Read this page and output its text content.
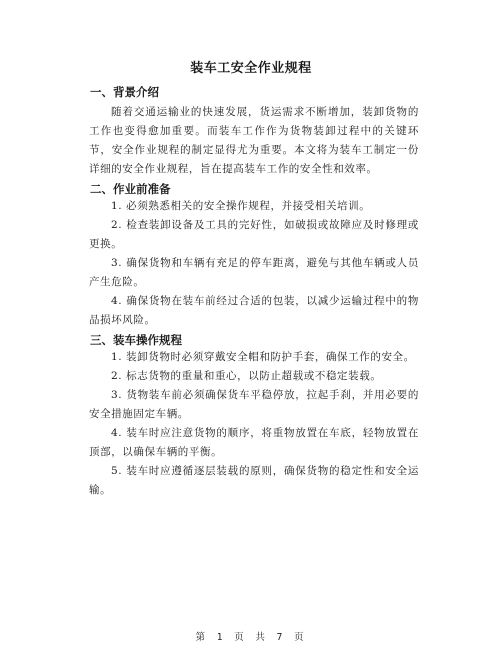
装车工安全作业规程

一、背景介绍

随着交通运输业的快速发展，货运需求不断增加，装卸货物的工作也变得愈加重要。而装车工作作为货物装卸过程中的关键环节，安全作业规程的制定显得尤为重要。本文将为装车工制定一份详细的安全作业规程，旨在提高装车工作的安全性和效率。

二、作业前准备

1. 必须熟悉相关的安全操作规程，并接受相关培训。

2. 检查装卸设备及工具的完好性，如破损或故障应及时修理或更换。

3. 确保货物和车辆有充足的停车距离，避免与其他车辆或人员产生危险。

4. 确保货物在装车前经过合适的包装，以减少运输过程中的物品损坏风险。

三、装车操作规程

1. 装卸货物时必须穿戴安全帽和防护手套，确保工作的安全。

2. 标志货物的重量和重心，以防止超载或不稳定装载。

3. 货物装车前必须确保货车平稳停放，拉起手刹，并用必要的安全措施固定车辆。

4. 装车时应注意货物的顺序，将重物放置在车底，轻物放置在顶部，以确保车辆的平衡。

5. 装车时应遵循逐层装载的原则，确保货物的稳定性和安全运输。

第 1 页 共 7 页
